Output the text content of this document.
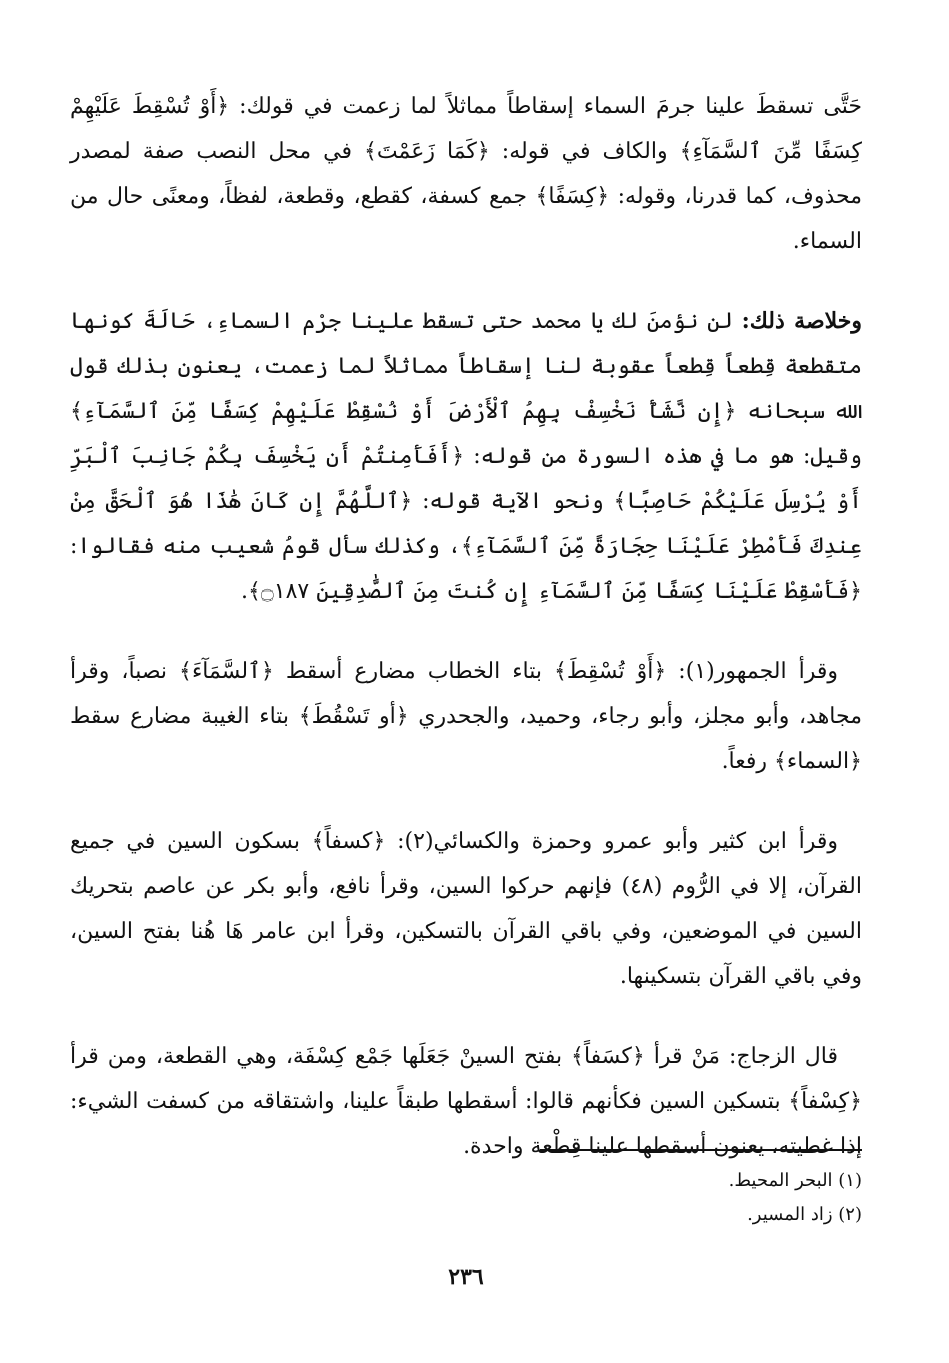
حَتَّى تسقطَ علينا جرمَ السماء إسقاطاً مماثلاً لما زعمت في قولك: ﴿أَوْ تُسْقِطَ عَلَيْهِمْ كِسَفًا مِّنَ ٱلسَّمَآءِ﴾ والكاف في قوله: ﴿كَمَا زَعَمْتَ﴾ في محل النصب صفة لمصدر محذوف، كما قدرنا، وقوله: ﴿كِسَفًا﴾ جمع كسفة، كقطع، وقطعة، لفظاً، ومعنًى حال من السماء.

وخلاصة ذلك: لن نؤمنَ لك يا محمد حتى تسقط علينا جرْم السماءِ، حَالَةَ كونها متقطعة قِطعاً قِطعاً عقوبة لنا إسقاطاً مماثلاً لما زعمت، يعنون بذلك قول الله سبحانه ﴿إِن نَّشَأْ نَخْسِفْ بِهِمُ ٱلْأَرْضَ أَوْ نُسْقِطْ عَلَيْهِمْ كِسَفًا مِّنَ ٱلسَّمَآءِ﴾ وقيل: هو ما في هذه السورة من قوله: ﴿أَفَأَمِنتُمْ أَن يَخْسِفَ بِكُمْ جَانِبَ ٱلْبَرِّ أَوْ يُرْسِلَ عَلَيْكُمْ حَاصِبًا﴾ ونحو الآية قوله: ﴿ٱللَّهُمَّ إِن كَانَ هَٰذَا هُوَ ٱلْحَقَّ مِنْ عِندِكَ فَأَمْطِرْ عَلَيْنَا حِجَارَةً مِّنَ ٱلسَّمَآءِ﴾، وكذلك سأل قومُ شعيب منه فقالوا: ﴿فَأَسْقِطْ عَلَيْنَا كِسَفًا مِّنَ ٱلسَّمَآءِ إِن كُنتَ مِنَ ٱلصَّٰدِقِينَ ۝١٨٧﴾.

وقرأ الجمهور(١): ﴿أَوْ تُسْقِطَ﴾ بتاء الخطاب مضارع أسقط ﴿ٱلسَّمَآءَ﴾ نصباً، وقرأ مجاهد، وأبو مجلز، وأبو رجاء، وحميد، والجحدري ﴿أو تَسْقُطَ﴾ بتاء الغيبة مضارع سقط ﴿السماء﴾ رفعاً.

وقرأ ابن كثير وأبو عمرو وحمزة والكسائي(٢): ﴿كسفاً﴾ بسكون السين في جميع القرآن، إلا في الرُّوم (٤٨) فإنهم حركوا السين، وقرأ نافع، وأبو بكر عن عاصم بتحريك السين في الموضعين، وفي باقي القرآن بالتسكين، وقرأ ابن عامر هَا هُنا بفتح السين، وفي باقي القرآن بتسكينها.

قال الزجاج: مَنْ قرأ ﴿كسَفاً﴾ بفتح السينْ جَعَلَها جَمْع كِسْفَة، وهي القطعة، ومن قرأ ﴿كِسْفاً﴾ بتسكين السين فكأنهم قالوا: أسقطها طبقاً علينا، واشتقاقه من كسفت الشيء: إذا غطيته، يعنون أسقطها علينا قِطْعة واحدة.

(١) البحر المحيط.
(٢) زاد المسير.
٢٣٦
